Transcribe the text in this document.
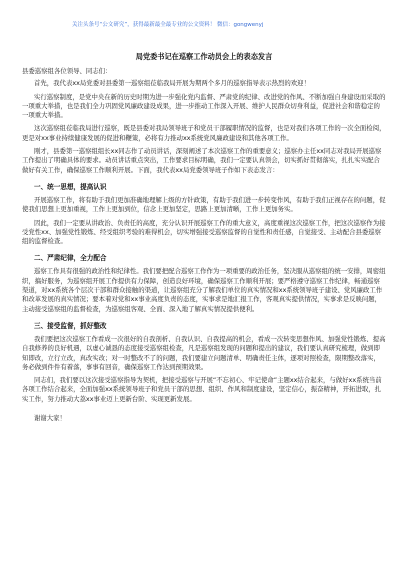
关注头条号“公文研究”，获得最新最全最专业的公文资料！ 微信：gongwenyj
局党委书记在巡察工作动员会上的表态发言
县委巡察组各位领导、同志们：
首先，我代表xx局党委对县委第一巡察组莅临我局开展为期两个多月的巡察指导表示热烈的欢迎！
实行巡察制度，是党中央在新的历史时期为进一步强化党内监督、严肃党的纪律、改进党的作风、不断加强自身建设而采取的一项重大举措，也是我们全力巩固党风廉政建设成果，进一步推动工作深入开展、维护人民群众切身利益，促进社会和谐稳定的一项重大举措。
这次巡察组莅临我局进行巡察，既是县委对我局领导班子和党员干部履职情况的监督，也是对我们各项工作的一次全面检阅，更是对xx事业持续健康发展的促进和鞭策，必将有力推动xx系统党风廉政建设和其他各项工作。
刚才，县委第一巡察组组长xx同志作了动员讲话，深刻阐述了本次巡察工作的重要意义；巡察办主任xx同志对我局开展巡察工作提出了明确具体的要求。动员讲话重点突出，工作要求目标明确，我们一定要认真领会，切实抓好贯彻落实，扎扎实实配合做好有关工作，确保巡察工作顺利开展。下面，我代表xx局党委领导班子作如下表态发言：
一、统一思想，提高认识
开展巡察工作，将有助于我们更加准确地理解上级的方针政策，有助于我们进一步转变作风，有助于我们正视存在的问题，促使我们思想上更加重视，工作上更加到位，信念上更加坚定，思路上更加清晰，工作上更加务实。
因此，我们一定要从讲政治、负责任的高度，充分认识开展巡察工作的重大意义，高度重视这次巡察工作，把这次巡察作为接受党性xx、加强党性锻炼、经受组织考验的难得机会，切实增强接受巡察监督的自觉性和责任感，自觉接受、主动配合县委巡察组的监督检查。
二、严肃纪律，全力配合
巡察工作具有很强的政治性和纪律性。我们要把配合巡察工作作为一项重要的政治任务，坚决服从巡察组的统一安排，周密组织，搞好服务，为巡察组开展工作提供有力保障，创造良好环境，确保巡察工作顺利开展；要严格遵守巡察工作纪律，畅通巡察渠道，对xx系统各个层次干部和群众接触的渠道，让巡察组充分了解我们单位的真实情况和xx系统领导班子建设、党风廉政工作和改革发展的真实情况；要本着对党和xx事业高度负责的态度，实事求是地汇报工作，客观真实提供情况，实事求是反映问题，主动接受巡察组的监督检查，为巡察组客观、全面、深入地了解真实情况提供便利。
三、接受监督，抓好整改
我们要把这次巡察工作看成一次很好的自我剖析、自我认识、自我提高的机会，看成一次转变思想作风、加强党性锻炼、提高自我修养的良好机遇，以虚心诚恳的态度接受巡察组检查，凡是巡察组发现的问题和提出的建议，我们要认真研究梳理，做到即知即改，立行立改，真改实改；对一时整改不了的问题，我们要建立问题清单、明确责任主体，逐项对照检查，限期整改落实，务必做到件件有着落，事事有回音，确保巡察工作达到预期效果。
同志们，我们要以这次接受巡察指导为契机，把接受巡察与开展“不忘初心、牢记使命”主题xx结合起来，与做好xx系统当前各项工作结合起来，全面加强xx系统领导班子和党员干部的思想、组织、作风和制度建设，坚定信心，振奋精神，开拓进取，扎实工作，努力推动大荔xx事业迈上更新台阶、实现更新发展。
谢谢大家！
